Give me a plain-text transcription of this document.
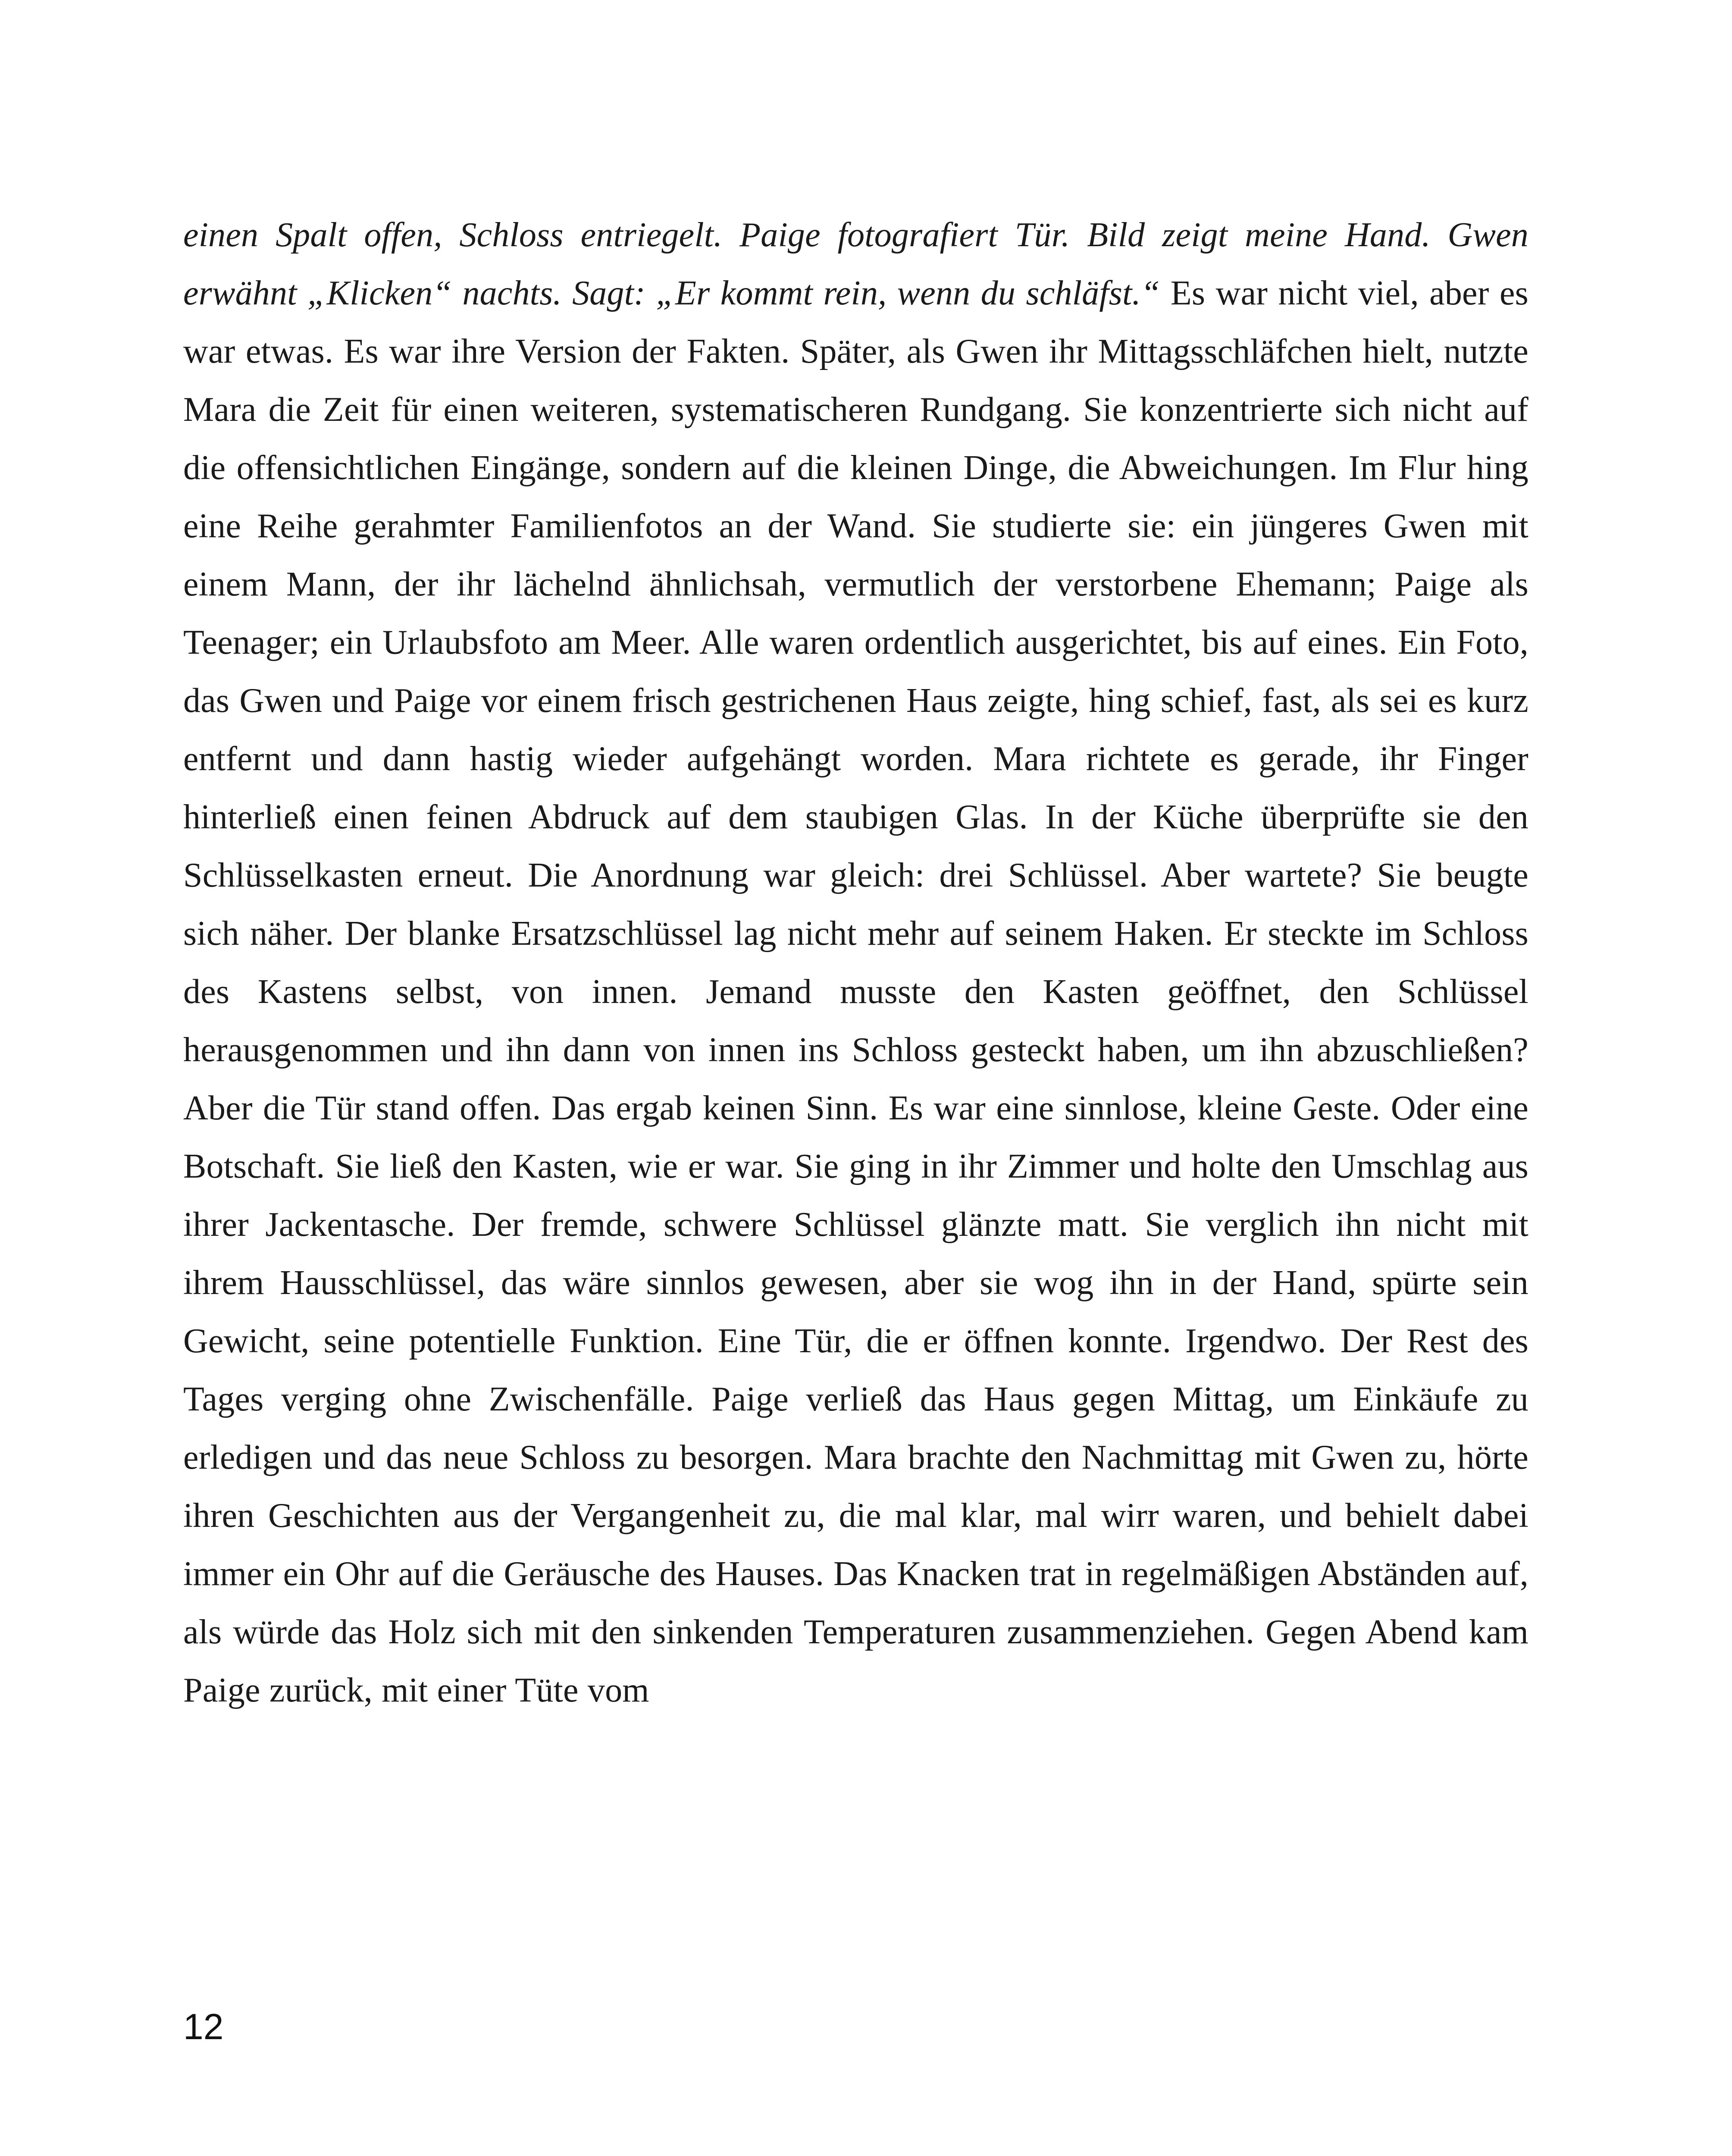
einen Spalt offen, Schloss entriegelt. Paige fotografiert Tür. Bild zeigt meine Hand. Gwen erwähnt „Klicken“ nachts. Sagt: „Er kommt rein, wenn du schläfst.“ Es war nicht viel, aber es war etwas. Es war ihre Version der Fakten. Später, als Gwen ihr Mittagsschläfchen hielt, nutzte Mara die Zeit für einen weiteren, systematischeren Rundgang. Sie konzentrierte sich nicht auf die offensichtlichen Eingänge, sondern auf die kleinen Dinge, die Abweichungen. Im Flur hing eine Reihe gerahmter Familienfotos an der Wand. Sie studierte sie: ein jüngeres Gwen mit einem Mann, der ihr lächelnd ähnlichsah, vermutlich der verstorbene Ehemann; Paige als Teenager; ein Urlaubsfoto am Meer. Alle waren ordentlich ausgerichtet, bis auf eines. Ein Foto, das Gwen und Paige vor einem frisch gestrichenen Haus zeigte, hing schief, fast, als sei es kurz entfernt und dann hastig wieder aufgehängt worden. Mara richtete es gerade, ihr Finger hinterließ einen feinen Abdruck auf dem staubigen Glas. In der Küche überprüfte sie den Schlüsselkasten erneut. Die Anordnung war gleich: drei Schlüssel. Aber wartete? Sie beugte sich näher. Der blanke Ersatzschlüssel lag nicht mehr auf seinem Haken. Er steckte im Schloss des Kastens selbst, von innen. Jemand musste den Kasten geöffnet, den Schlüssel herausgenommen und ihn dann von innen ins Schloss gesteckt haben, um ihn abzuschließen? Aber die Tür stand offen. Das ergab keinen Sinn. Es war eine sinnlose, kleine Geste. Oder eine Botschaft. Sie ließ den Kasten, wie er war. Sie ging in ihr Zimmer und holte den Umschlag aus ihrer Jackentasche. Der fremde, schwere Schlüssel glänzte matt. Sie verglich ihn nicht mit ihrem Hausschlüssel, das wäre sinnlos gewesen, aber sie wog ihn in der Hand, spürte sein Gewicht, seine potentielle Funktion. Eine Tür, die er öffnen konnte. Irgendwo. Der Rest des Tages verging ohne Zwischenfälle. Paige verließ das Haus gegen Mittag, um Einkäufe zu erledigen und das neue Schloss zu besorgen. Mara brachte den Nachmittag mit Gwen zu, hörte ihren Geschichten aus der Vergangenheit zu, die mal klar, mal wirr waren, und behielt dabei immer ein Ohr auf die Geräusche des Hauses. Das Knacken trat in regelmäßigen Abständen auf, als würde das Holz sich mit den sinkenden Temperaturen zusammenziehen. Gegen Abend kam Paige zurück, mit einer Tüte vom

12
